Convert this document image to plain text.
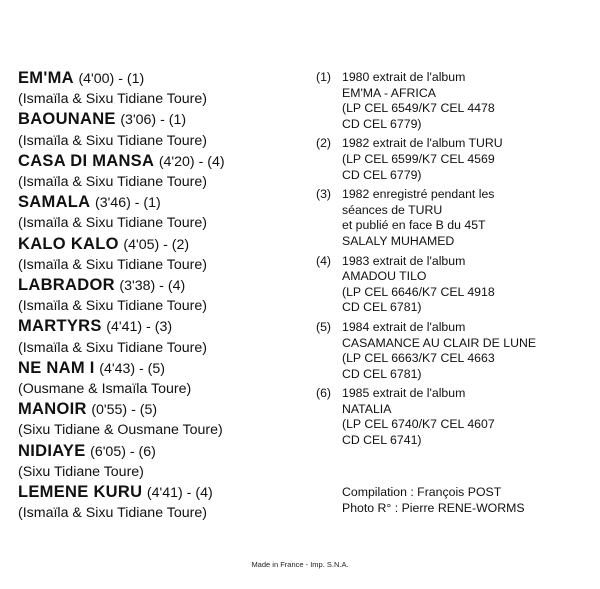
EM'MA (4'00) - (1)
(Ismaïla & Sixu Tidiane Toure)
BAOUNANE (3'06) - (1)
(Ismaïla & Sixu Tidiane Toure)
CASA DI MANSA (4'20) - (4)
(Ismaïla & Sixu Tidiane Toure)
SAMALA (3'46) - (1)
(Ismaïla & Sixu Tidiane Toure)
KALO KALO (4'05) - (2)
(Ismaïla & Sixu Tidiane Toure)
LABRADOR (3'38) - (4)
(Ismaïla & Sixu Tidiane Toure)
MARTYRS (4'41) - (3)
(Ismaïla & Sixu Tidiane Toure)
NE NAM I (4'43) - (5)
(Ousmane & Ismaïla Toure)
MANOIR (0'55) - (5)
(Sixu Tidiane & Ousmane Toure)
NIDIAYE (6'05) - (6)
(Sixu Tidiane Toure)
LEMENE KURU (4'41) - (4)
(Ismaïla & Sixu Tidiane Toure)
(1) 1980 extrait de l'album
EM'MA - AFRICA
(LP CEL 6549/K7 CEL 4478
CD CEL 6779)
(2) 1982 extrait de l'album TURU
(LP CEL 6599/K7 CEL 4569
CD CEL 6779)
(3) 1982 enregistré pendant les
séances de TURU
et publié en face B du 45T
SALALY MUHAMED
(4) 1983 extrait de l'album
AMADOU TILO
(LP CEL 6646/K7 CEL 4918
CD CEL 6781)
(5) 1984 extrait de l'album
CASAMANCE AU CLAIR DE LUNE
(LP CEL 6663/K7 CEL 4663
CD CEL 6781)
(6) 1985 extrait de l'album
NATALIA
(LP CEL 6740/K7 CEL 4607
CD CEL 6741)
Compilation : François POST
Photo R° : Pierre RENE-WORMS
Made in France - Imp. S.N.A.
